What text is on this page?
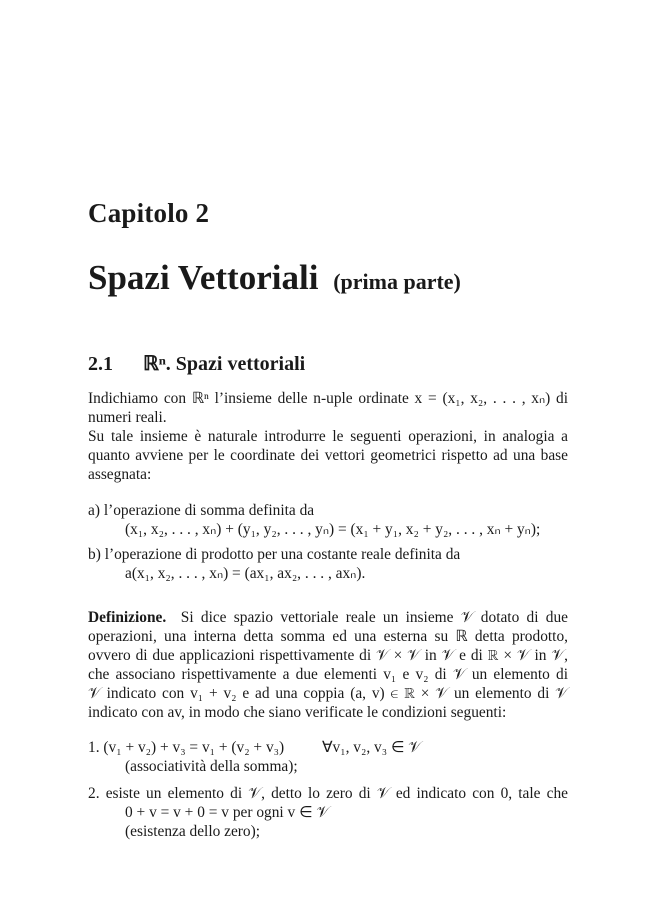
Capitolo 2
Spazi Vettoriali (prima parte)
2.1 ℝⁿ. Spazi vettoriali
Indichiamo con ℝⁿ l’insieme delle n-uple ordinate x = (x₁, x₂, . . . , xₙ) di
numeri reali.
Su tale insieme è naturale introdurre le seguenti operazioni, in analogia a
quanto avviene per le coordinate dei vettori geometrici rispetto ad una base
assegnata:
a) l’operazione di somma definita da
(x₁, x₂, . . . , xₙ) + (y₁, y₂, . . . , yₙ) = (x₁ + y₁, x₂ + y₂, . . . , xₙ + yₙ);
b) l’operazione di prodotto per una costante reale definita da
a(x₁, x₂, . . . , xₙ) = (ax₁, ax₂, . . . , axₙ).
Definizione. Si dice spazio vettoriale reale un insieme 𝒱 dotato di due
operazioni, una interna detta somma ed una esterna su ℝ detta prodotto,
ovvero di due applicazioni rispettivamente di 𝒱 × 𝒱 in 𝒱 e di ℝ × 𝒱 in 𝒱,
che associano rispettivamente a due elementi v₁ e v₂ di 𝒱 un elemento di
𝒱 indicato con v₁ + v₂ e ad una coppia (a, v) ∈ ℝ × 𝒱 un elemento di 𝒱
indicato con av, in modo che siano verificate le condizioni seguenti:
1. (v₁ + v₂) + v₃ = v₁ + (v₂ + v₃) ∀v₁, v₂, v₃ ∈ 𝒱
(associatività della somma);
2. esiste un elemento di 𝒱, detto lo zero di 𝒱 ed indicato con 0, tale che
0 + v = v + 0 = v per ogni v ∈ 𝒱
(esistenza dello zero);
